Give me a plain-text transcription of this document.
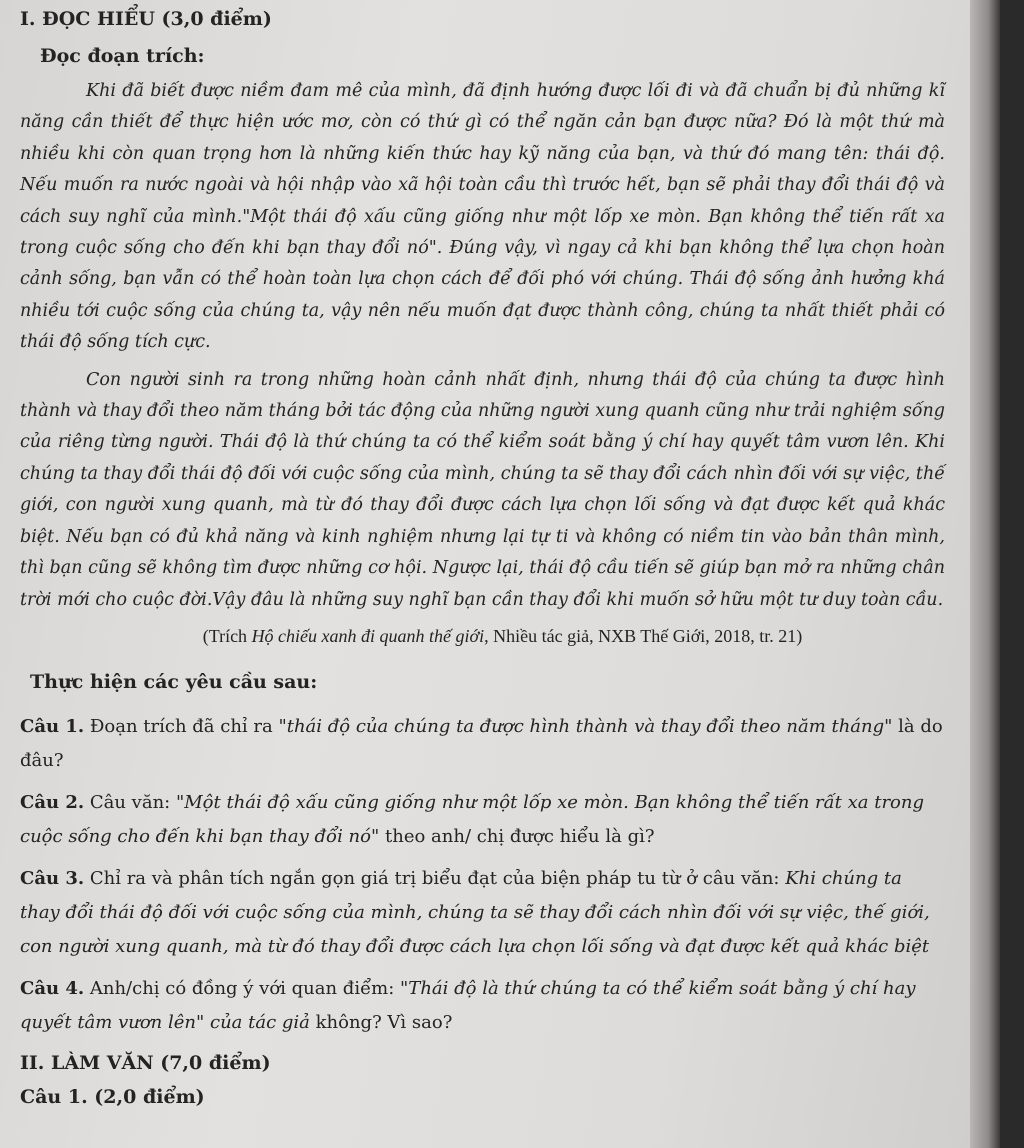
I. ĐỌC HIỂU (3,0 điểm)
Đọc đoạn trích:

Khi đã biết được niềm đam mê của mình, đã định hướng được lối đi và đã chuẩn bị đủ những kĩ năng cần thiết để thực hiện ước mơ, còn có thứ gì có thể ngăn cản bạn được nữa? Đó là một thứ mà nhiều khi còn quan trọng hơn là những kiến thức hay kỹ năng của bạn, và thứ đó mang tên: thái độ. Nếu muốn ra nước ngoài và hội nhập vào xã hội toàn cầu thì trước hết, bạn sẽ phải thay đổi thái độ và cách suy nghĩ của mình."Một thái độ xấu cũng giống như một lốp xe mòn. Bạn không thể tiến rất xa trong cuộc sống cho đến khi bạn thay đổi nó". Đúng vậy, vì ngay cả khi bạn không thể lựa chọn hoàn cảnh sống, bạn vẫn có thể hoàn toàn lựa chọn cách để đối phó với chúng. Thái độ sống ảnh hưởng khá nhiều tới cuộc sống của chúng ta, vậy nên nếu muốn đạt được thành công, chúng ta nhất thiết phải có thái độ sống tích cực.

Con người sinh ra trong những hoàn cảnh nhất định, nhưng thái độ của chúng ta được hình thành và thay đổi theo năm tháng bởi tác động của những người xung quanh cũng như trải nghiệm sống của riêng từng người. Thái độ là thứ chúng ta có thể kiểm soát bằng ý chí hay quyết tâm vươn lên. Khi chúng ta thay đổi thái độ đối với cuộc sống của mình, chúng ta sẽ thay đổi cách nhìn đối với sự việc, thế giới, con người xung quanh, mà từ đó thay đổi được cách lựa chọn lối sống và đạt được kết quả khác biệt. Nếu bạn có đủ khả năng và kinh nghiệm nhưng lại tự ti và không có niềm tin vào bản thân mình, thì bạn cũng sẽ không tìm được những cơ hội. Ngược lại, thái độ cầu tiến sẽ giúp bạn mở ra những chân trời mới cho cuộc đời.Vậy đâu là những suy nghĩ bạn cần thay đổi khi muốn sở hữu một tư duy toàn cầu.

(Trích Hộ chiếu xanh đi quanh thế giới, Nhiều tác giả, NXB Thế Giới, 2018, tr. 21)
Thực hiện các yêu cầu sau:
Câu 1. Đoạn trích đã chỉ ra "thái độ của chúng ta được hình thành và thay đổi theo năm tháng" là do đâu?
Câu 2. Câu văn: "Một thái độ xấu cũng giống như một lốp xe mòn. Bạn không thể tiến rất xa trong cuộc sống cho đến khi bạn thay đổi nó" theo anh/ chị được hiểu là gì?
Câu 3. Chỉ ra và phân tích ngắn gọn giá trị biểu đạt của biện pháp tu từ ở câu văn: Khi chúng ta thay đổi thái độ đối với cuộc sống của mình, chúng ta sẽ thay đổi cách nhìn đối với sự việc, thế giới, con người xung quanh, mà từ đó thay đổi được cách lựa chọn lối sống và đạt được kết quả khác biệt
Câu 4. Anh/chị có đồng ý với quan điểm: "Thái độ là thứ chúng ta có thể kiểm soát bằng ý chí hay quyết tâm vươn lên" của tác giả không? Vì sao?
II. LÀM VĂN (7,0 điểm)
Câu 1. (2,0 điểm)
